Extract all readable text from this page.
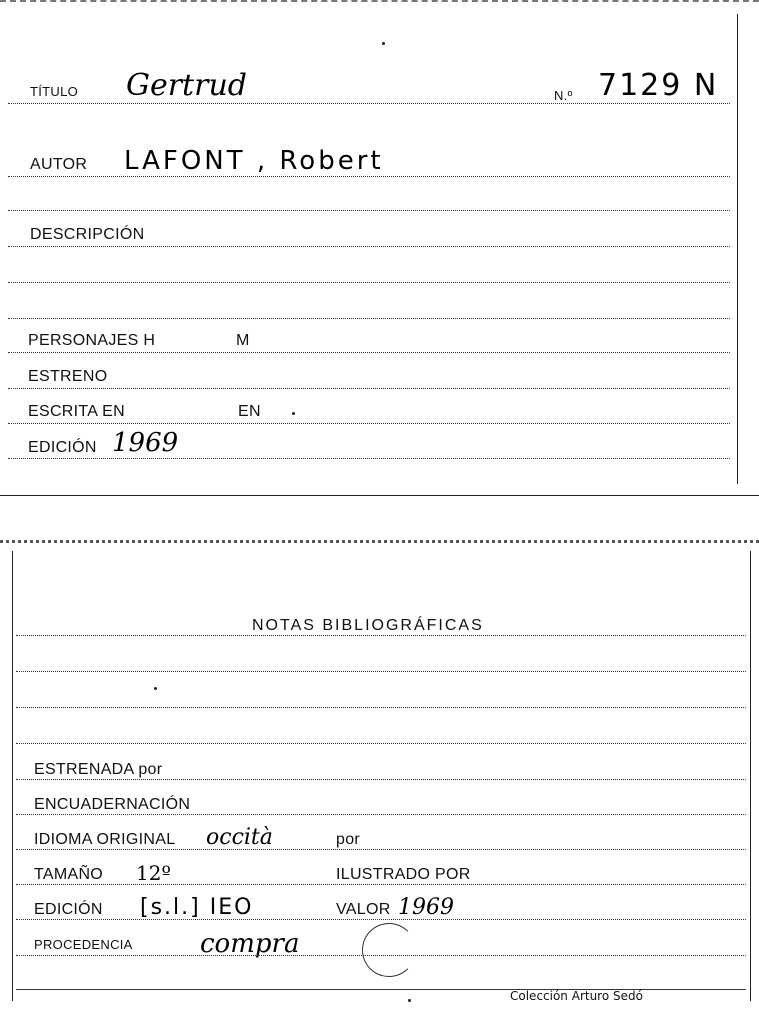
TÍTULO Gertrud	N.º 7129 N
AUTOR LAFONT , Robert
DESCRIPCIÓN
PERSONAJES H	M
ESTRENO
ESCRITA EN	EN
EDICIÓN 1969
NOTAS BIBLIOGRÁFICAS
ESTRENADA por
ENCUADERNACIÓN
IDIOMA ORIGINAL occità	por
TAMAÑO 12º	ILUSTRADO POR
EDICIÓN [s.l.] IEO	VALOR 1969
PROCEDENCIA	compra
Colección Arturo Sedó
